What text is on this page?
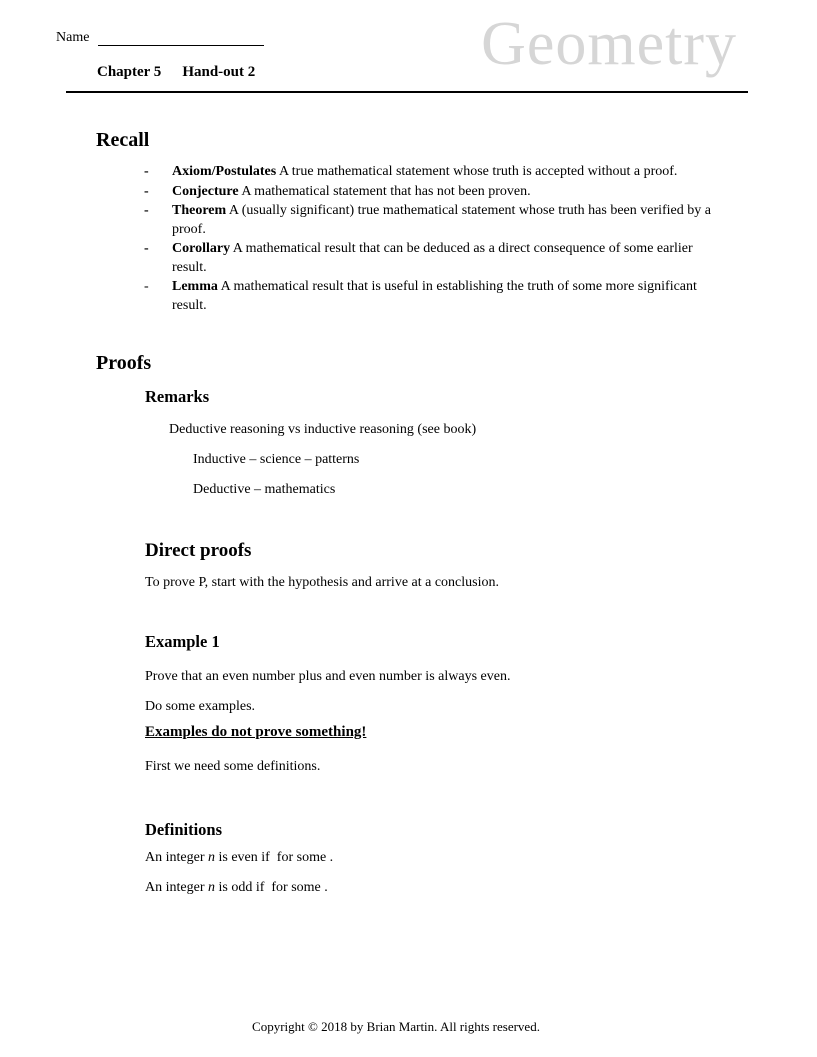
Name	Geometry
Chapter 5 Hand-out 2
Recall
- Axiom/Postulates A true mathematical statement whose truth is accepted without a proof.
- Conjecture A mathematical statement that has not been proven.
- Theorem A (usually significant) true mathematical statement whose truth has been verified by a proof.
- Corollary A mathematical result that can be deduced as a direct consequence of some earlier result.
- Lemma A mathematical result that is useful in establishing the truth of some more significant result.
Proofs
Remarks
Deductive reasoning vs inductive reasoning (see book)
Inductive – science – patterns
Deductive – mathematics
Direct proofs
To prove P, start with the hypothesis and arrive at a conclusion.
Example 1
Prove that an even number plus and even number is always even.
Do some examples.
Examples do not prove something!
First we need some definitions.
Definitions
An integer n is even if  for some .
An integer n is odd if  for some .
Copyright © 2018 by Brian Martin. All rights reserved.
